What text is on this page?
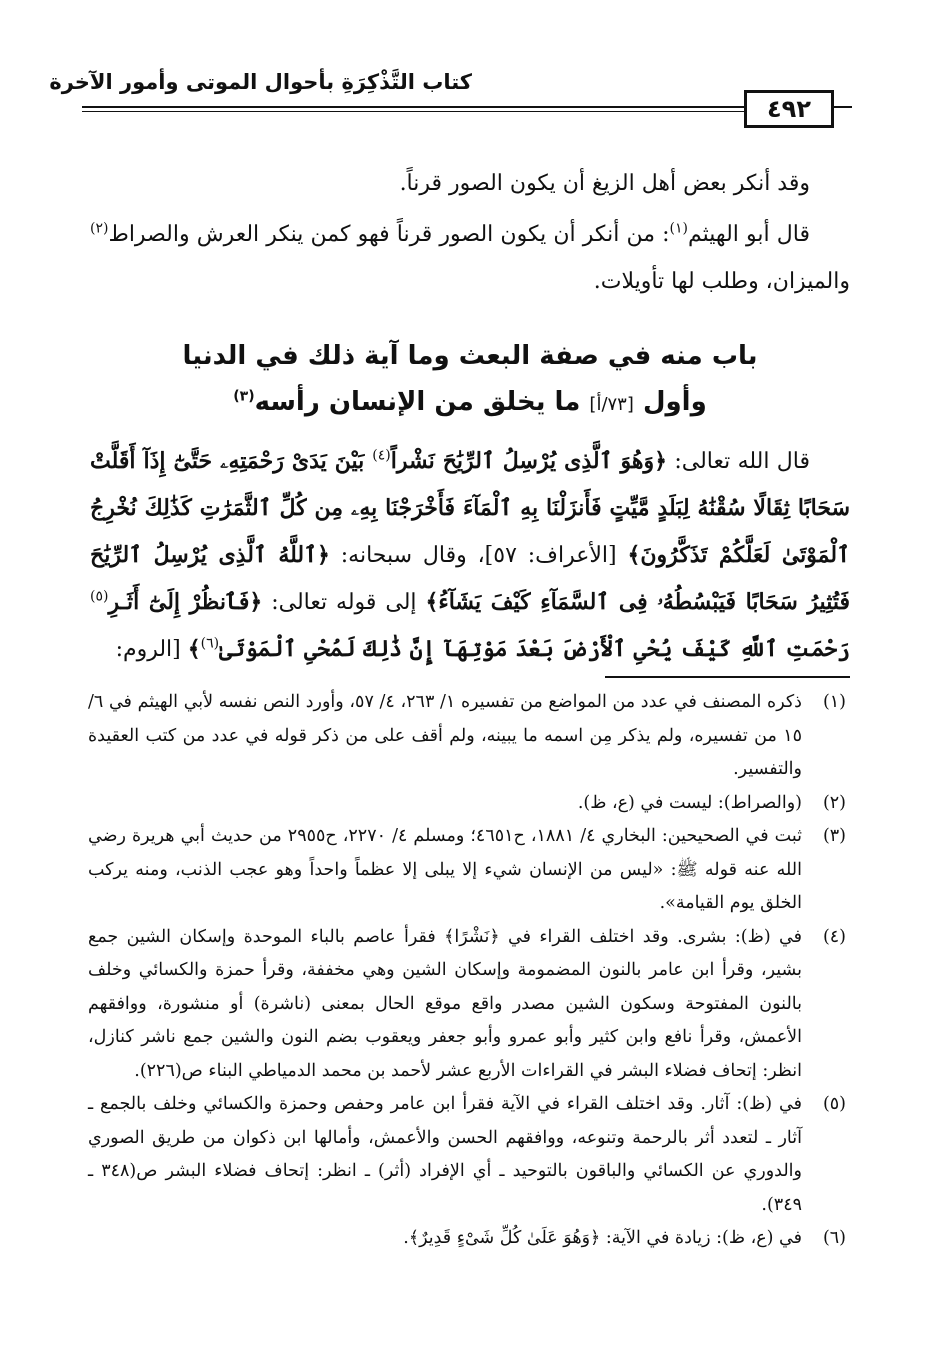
كتاب التَّذْكِرَةِ بأحوال الموتى وأمور الآخرة
٤٩٢

وقد أنكر بعض أهل الزيغ أن يكون الصور قرناً.

قال أبو الهيثم$^{(١)}$: من أنكر أن يكون الصور قرناً فهو كمن ينكر العرش والصراط$^{(٢)}$ والميزان، وطلب لها تأويلات.

باب منه في صفة البعث وما آية ذلك في الدنيا
وأول [٧٣/أ] ما يخلق من الإنسان رأسه$^{(٣)}$

قال الله تعالى: ﴿وَهُوَ ٱلَّذِى يُرْسِلُ ٱلرِّيَٰحَ نَشْراً$^{(٤)}$ بَيْنَ يَدَىْ رَحْمَتِهِۦ حَتَّىٰٓ إِذَآ أَقَلَّتْ سَحَابًا ثِقَالًا سُقْنَٰهُ لِبَلَدٍ مَّيِّتٍ فَأَنزَلْنَا بِهِ ٱلْمَآءَ فَأَخْرَجْنَا بِهِۦ مِن كُلِّ ٱلثَّمَرَٰتِ كَذَٰلِكَ نُخْرِجُ ٱلْمَوْتَىٰ لَعَلَّكُمْ تَذَكَّرُونَ﴾ [الأعراف: ٥٧]، وقال سبحانه: ﴿ٱللَّهُ ٱلَّذِى يُرْسِلُ ٱلرِّيَٰحَ فَتُثِيرُ سَحَابًا فَيَبْسُطُهُۥ فِى ٱلسَّمَآءِ كَيْفَ يَشَآءُ﴾ إلى قوله تعالى: ﴿فَٱنظُرْ إِلَىٰٓ أَثَـرِ$^{(٥)}$ رَحْمَتِ ٱللَّهِ كَيْفَ يُحْىِ ٱلْأَرْضَ بَعْدَ مَوْتِهَآ إِنَّ ذَٰلِكَ لَمُحْىِ ٱلْمَوْتَىٰ$^{(٦)}$﴾ [الروم:

(١)
ذكره المصنف في عدد من المواضع من تفسيره ١/ ٢٦٣، ٤/ ٥٧، وأورد النص نفسه لأبي الهيثم في ٦/ ١٥ من تفسيره، ولم يذكر مِن اسمه ما يبينه، ولم أقف على من ذكر قوله في عدد من كتب العقيدة والتفسير.
(٢)
(والصراط): ليست في (ع، ظ).
(٣)
ثبت في الصحيحين: البخاري ٤/ ١٨٨١، ح٤٦٥١؛ ومسلم ٤/ ٢٢٧٠، ح٢٩٥٥ من حديث أبي هريرة رضي الله عنه قوله ﷺ: «ليس من الإنسان شيء إلا يبلى إلا عظماً واحداً وهو عجب الذنب، ومنه يركب الخلق يوم القيامة».
(٤)
في (ظ): بشرى. وقد اختلف القراء في ﴿نَشْرًا﴾ فقرأ عاصم بالباء الموحدة وإسكان الشين جمع بشير، وقرأ ابن عامر بالنون المضمومة وإسكان الشين وهي مخففة، وقرأ حمزة والكسائي وخلف بالنون المفتوحة وسكون الشين مصدر واقع موقع الحال بمعنى (ناشرة) أو منشورة، ووافقهم الأعمش، وقرأ نافع وابن كثير وأبو عمرو وأبو جعفر ويعقوب بضم النون والشين جمع ناشر كنازل، انظر: إتحاف فضلاء البشر في القراءات الأربع عشر لأحمد بن محمد الدمياطي البناء ص(٢٢٦).
(٥)
في (ظ): آثار. وقد اختلف القراء في الآية فقرأ ابن عامر وحفص وحمزة والكسائي وخلف بالجمع ـ آثار ـ لتعدد أثر بالرحمة وتنوعه، ووافقهم الحسن والأعمش، وأمالها ابن ذكوان من طريق الصوري والدوري عن الكسائي والباقون بالتوحيد ـ أي الإفراد (أثر) ـ انظر: إتحاف فضلاء البشر ص(٣٤٨ ـ ٣٤٩).
(٦)
في (ع، ظ): زيادة في الآية: ﴿وَهُوَ عَلَىٰ كُلِّ شَىْءٍ قَدِيرٌ﴾.
